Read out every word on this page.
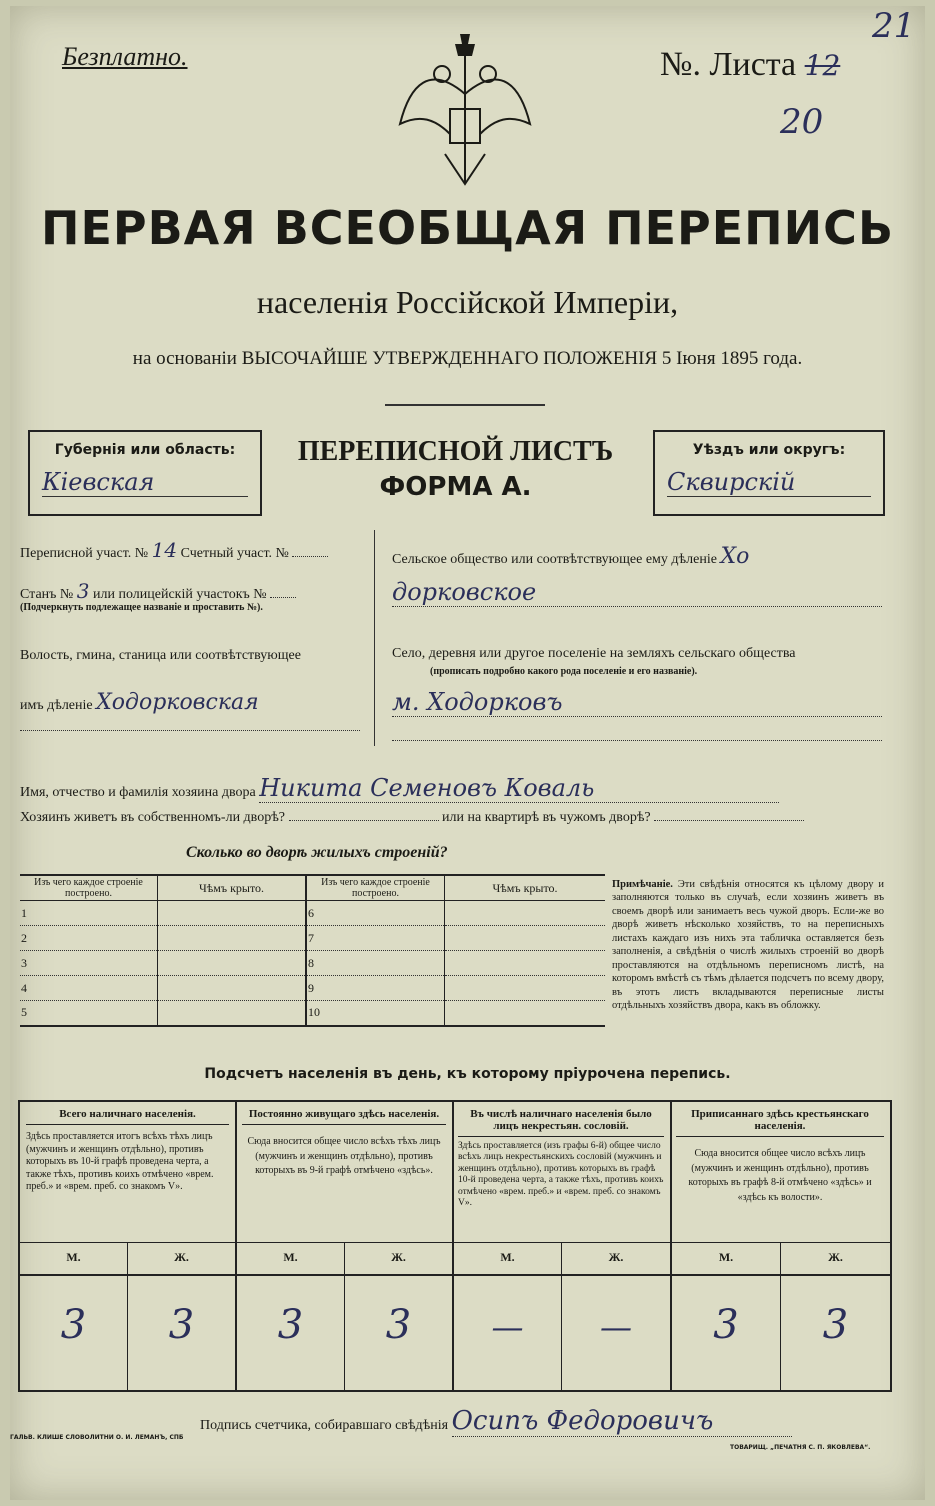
Безплатно.	№. Листа 12
20
21
ПЕРВАЯ ВСЕОБЩАЯ ПЕРЕПИСЬ
населенія Россійской Имперіи,
на основаніи ВЫСОЧАЙШЕ УТВЕРЖДЕННАГО ПОЛОЖЕНІЯ 5 Іюня 1895 года.
Губернія или область:
Кіевская
ПЕРЕПИСНОЙ ЛИСТЪ
ФОРМА А.
Уѣздъ или округъ:
Сквирскій
Переписной участ. № 14 Счетный участ. №
Станъ № 3 или полицейскій участокъ №
(Подчеркнуть подлежащее названіе и проставить №).
Волость, гмина, станица или соотвѣтствующее
имъ дѣленіе Ходорковская
Сельское общество или соотвѣтствующее ему дѣленіе Хо
дорковское
Село, деревня или другое поселеніе на земляхъ сельскаго общества
(прописать подробно какого рода поселеніе и его названіе).
м. Ходорковъ
Имя, отчество и фамилія хозяина двора Никита Семеновъ Коваль
Хозяинъ живетъ въ собственномъ-ли дворѣ?	или на квартирѣ въ чужомъ дворѣ?
Сколько во дворѣ жилыхъ строеній?
Изъ чего каждое строеніе построено.	Чѣмъ крыто.	Изъ чего каждое строеніе построено.	Чѣмъ крыто.
1		6	
2		7	
3		8	
4		9	
5		10	
Примѣчаніе. Эти свѣдѣнія относятся къ цѣлому двору и заполняются только въ случаѣ, если хозяинъ живетъ въ своемъ дворѣ или занимаетъ весь чужой дворъ. Если-же во дворѣ живетъ нѣсколько хозяйствъ, то на переписныхъ листахъ каждаго изъ нихъ эта табличка оставляется безъ заполненія, а свѣдѣнія о числѣ жилыхъ строеній во дворѣ проставляются на отдѣльномъ переписномъ листѣ, на которомъ вмѣстѣ съ тѣмъ дѣлается подсчетъ по всему двору, въ этотъ листъ вкладываются переписные листы отдѣльныхъ хозяйствъ двора, какъ въ обложку.
Подсчетъ населенія въ день, къ которому пріурочена перепись.
Всего наличнаго населенія.
Здѣсь проставляется итогъ всѣхъ тѣхъ лицъ (мужчинъ и женщинъ отдѣльно), противъ которыхъ въ 10-й графѣ проведена черта, а также тѣхъ, противъ коихъ отмѣчено «врем. преб.» и «врем. преб. со знакомъ V».
Постоянно живущаго здѣсь населенія.
Сюда вносится общее число всѣхъ тѣхъ лицъ (мужчинъ и женщинъ отдѣльно), противъ которыхъ въ 9-й графѣ отмѣчено «здѣсь».
Въ числѣ наличнаго населенія было лицъ некрестьян. сословій.
Здѣсь проставляется (изъ графы 6-й) общее число всѣхъ лицъ некрестьянскихъ сословій (мужчинъ и женщинъ отдѣльно), противъ которыхъ въ графѣ 10-й проведена черта, а также тѣхъ, противъ коихъ отмѣчено «врем. преб.» и «врем. преб. со знакомъ V».
Приписаннаго здѣсь крестьянскаго населенія.
Сюда вносится общее число всѣхъ лицъ (мужчинъ и женщинъ отдѣльно), противъ которыхъ въ графѣ 8-й отмѣчено «здѣсь» и «здѣсь къ волости».
М.	Ж.	М.	Ж.	М.	Ж.	М.	Ж.
3	3	3	3	—	—	3	3
Подпись счетчика, собиравшаго свѣдѣнія Осипъ Федоровичъ
ГАЛЬВ. КЛИШЕ СЛОВОЛИТНИ О. И. ЛЕМАНЪ, СПБ
ТОВАРИЩ. „ПЕЧАТНЯ С. П. ЯКОВЛЕВА“.
